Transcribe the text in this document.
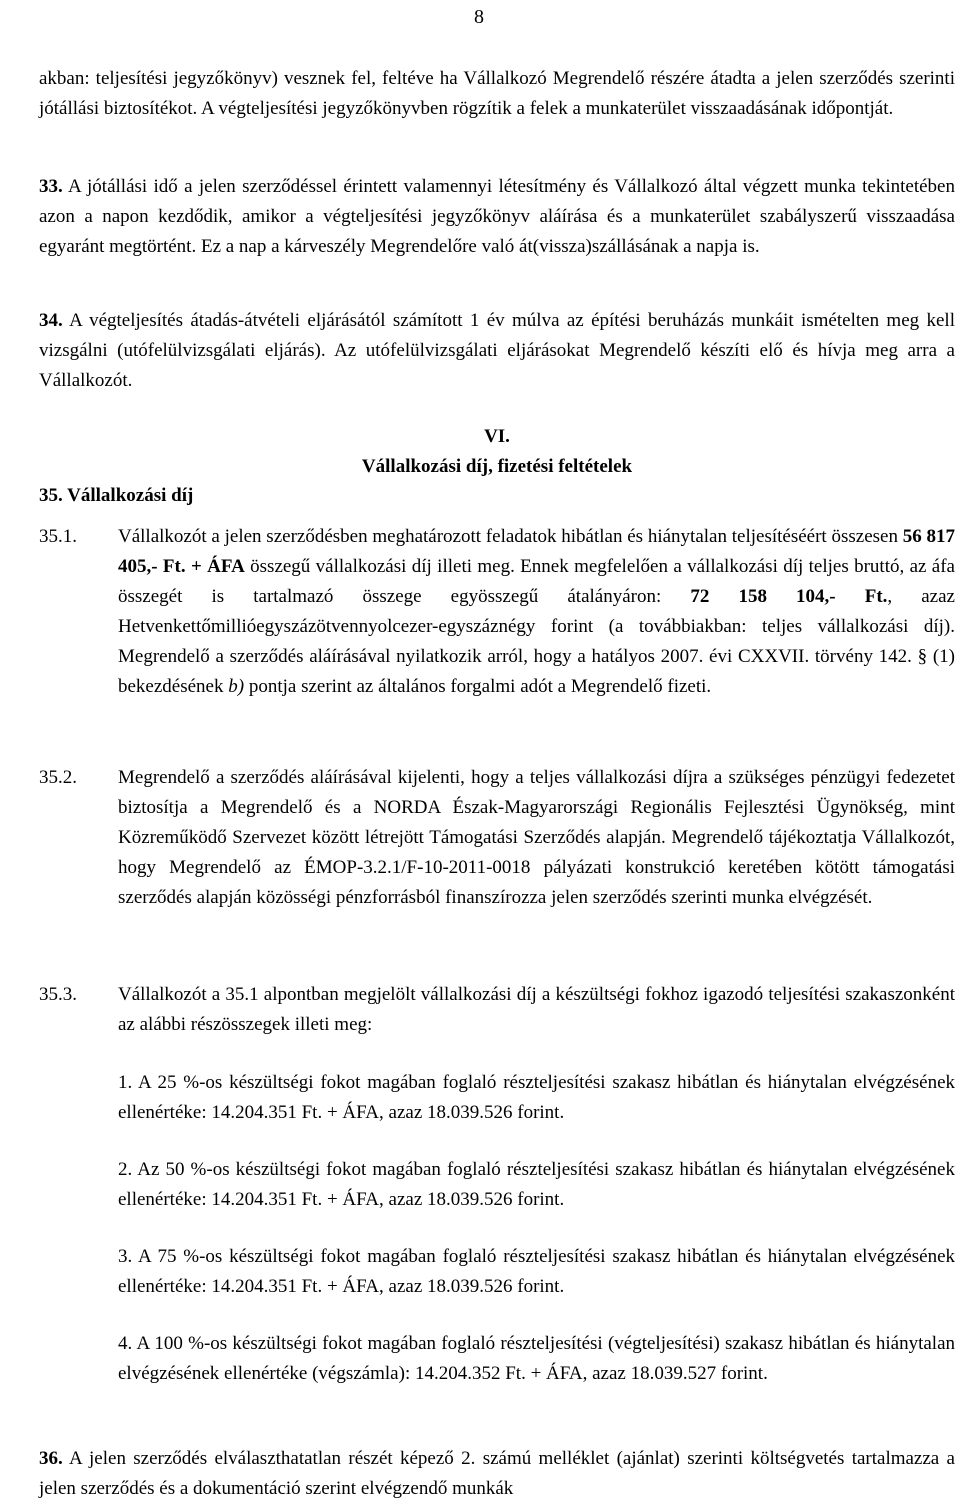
8
akban: teljesítési jegyzőkönyv) vesznek fel, feltéve ha Vállalkozó Megrendelő részére átadta a jelen szerződés szerinti jótállási biztosítékot. A végteljesítési jegyzőkönyvben rögzítik a felek a munkaterület visszaadásának időpontját.
33. A jótállási idő a jelen szerződéssel érintett valamennyi létesítmény és Vállalkozó által végzett munka tekintetében azon a napon kezdődik, amikor a végteljesítési jegyzőkönyv aláírása és a munkaterület szabályszerű visszaadása egyaránt megtörtént. Ez a nap a kárveszély Megrendelőre való át(vissza)szállásának a napja is.
34. A végteljesítés átadás-átvételi eljárásától számított 1 év múlva az építési beruházás munkáit ismételten meg kell vizsgálni (utófelülvizsgálati eljárás). Az utófelülvizsgálati eljárásokat Megrendelő készíti elő és hívja meg arra a Vállalkozót.
VI.
Vállalkozási díj, fizetési feltételek
35. Vállalkozási díj
35.1. Vállalkozót a jelen szerződésben meghatározott feladatok hibátlan és hiánytalan teljesítéséért összesen 56 817 405,- Ft. + ÁFA összegű vállalkozási díj illeti meg. Ennek megfelelően a vállalkozási díj teljes bruttó, az áfa összegét is tartalmazó összege egyösszegű átalányáron: 72 158 104,- Ft., azaz Hetvenkettőmillióegyszázötvennyolcezer-egyszáznégy forint (a továbbiakban: teljes vállalkozási díj). Megrendelő a szerződés aláírásával nyilatkozik arról, hogy a hatályos 2007. évi CXXVII. törvény 142. § (1) bekezdésének b) pontja szerint az általános forgalmi adót a Megrendelő fizeti.
35.2. Megrendelő a szerződés aláírásával kijelenti, hogy a teljes vállalkozási díjra a szükséges pénzügyi fedezetet biztosítja a Megrendelő és a NORDA Észak-Magyarországi Regionális Fejlesztési Ügynökség, mint Közreműködő Szervezet között létrejött Támogatási Szerződés alapján. Megrendelő tájékoztatja Vállalkozót, hogy Megrendelő az ÉMOP-3.2.1/F-10-2011-0018 pályázati konstrukció keretében kötött támogatási szerződés alapján közösségi pénzforrásból finanszírozza jelen szerződés szerinti munka elvégzését.
35.3. Vállalkozót a 35.1 alpontban megjelölt vállalkozási díj a készültségi fokhoz igazodó teljesítési szakaszonként az alábbi részösszegek illeti meg:
1. A 25 %-os készültségi fokot magában foglaló részteljesítési szakasz hibátlan és hiánytalan elvégzésének ellenértéke: 14.204.351 Ft. + ÁFA, azaz 18.039.526 forint.
2. Az 50 %-os készültségi fokot magában foglaló részteljesítési szakasz hibátlan és hiánytalan elvégzésének ellenértéke: 14.204.351 Ft. + ÁFA, azaz 18.039.526 forint.
3. A 75 %-os készültségi fokot magában foglaló részteljesítési szakasz hibátlan és hiánytalan elvégzésének ellenértéke: 14.204.351 Ft. + ÁFA, azaz 18.039.526 forint.
4. A 100 %-os készültségi fokot magában foglaló részteljesítési (végteljesítési) szakasz hibátlan és hiánytalan elvégzésének ellenértéke (végszámla): 14.204.352 Ft. + ÁFA, azaz 18.039.527 forint.
36. A jelen szerződés elválaszthatatlan részét képező 2. számú melléklet (ajánlat) szerinti költségvetés tartalmazza a jelen szerződés és a dokumentáció szerint elvégzendő munkák
